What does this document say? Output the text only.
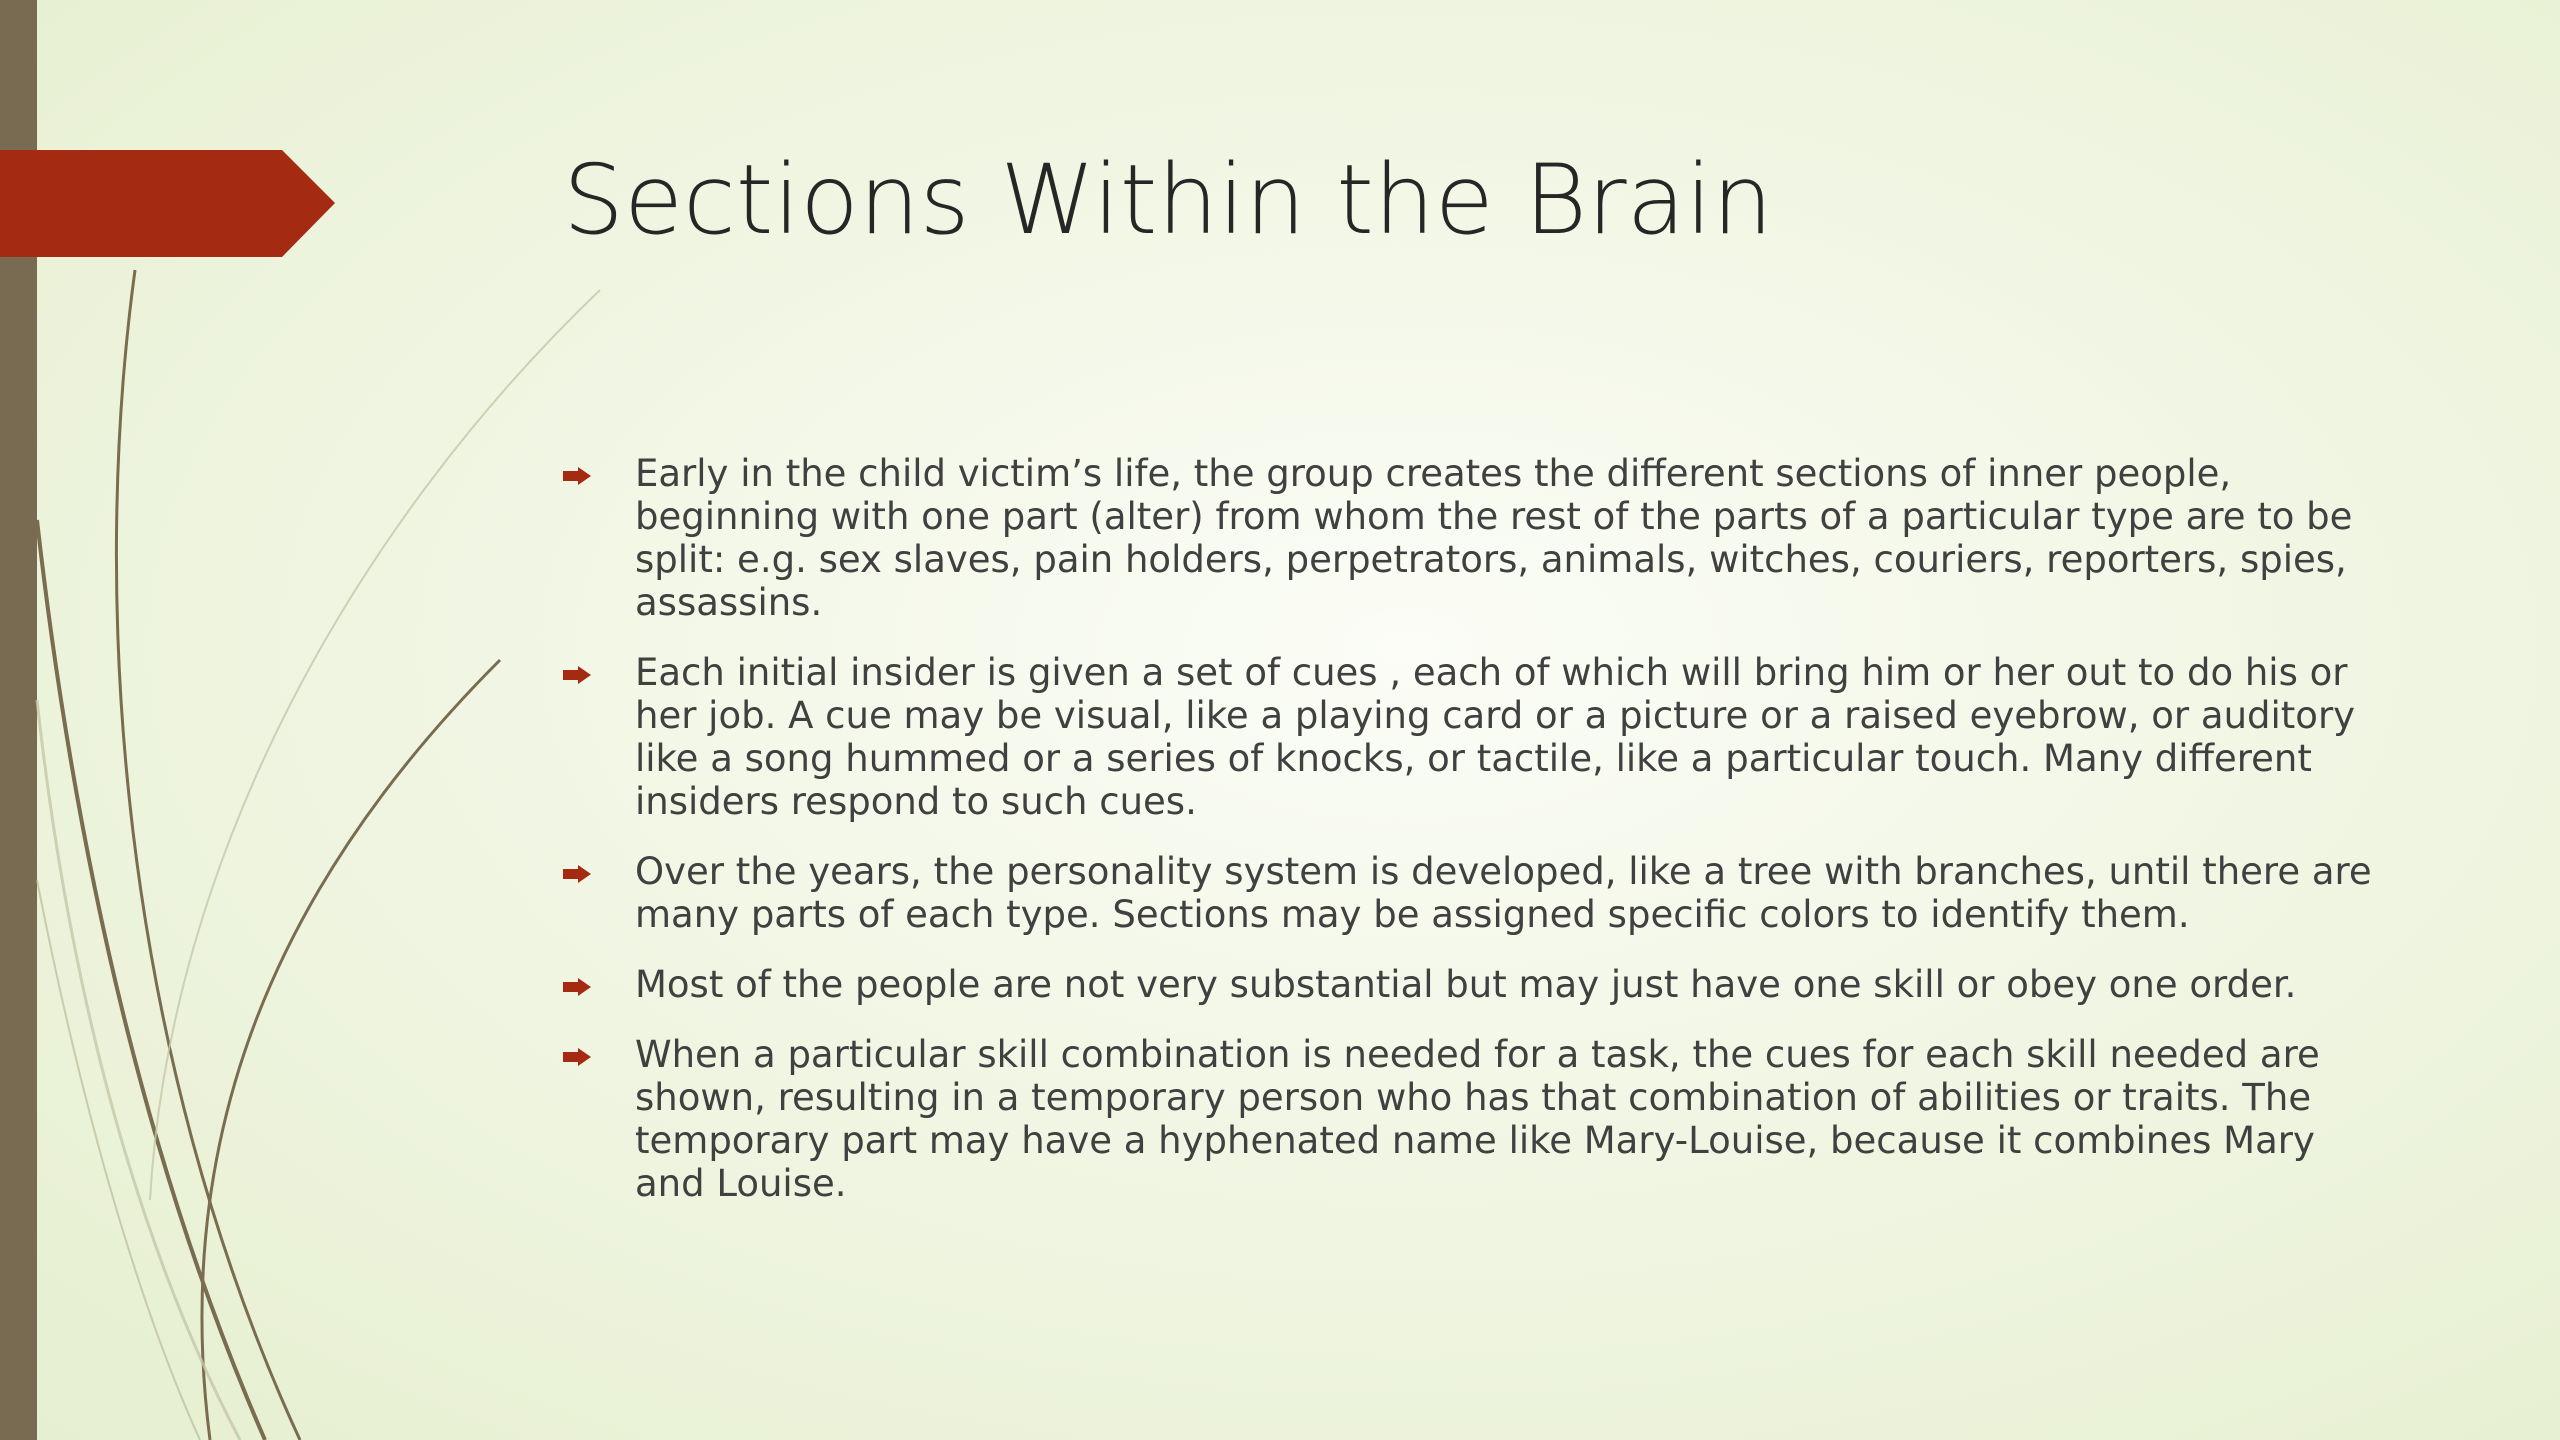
Sections Within the Brain
Early in the child victim’s life, the group creates the different sections of inner people, beginning with one part (alter) from whom the rest of the parts of a particular type are to be split: e.g. sex slaves, pain holders, perpetrators, animals, witches, couriers, reporters, spies, assassins.
Each initial insider is given a set of cues , each of which will bring him or her out to do his or her job. A cue may be visual, like a playing card or a picture or a raised eyebrow, or auditory like a song hummed or a series of knocks, or tactile, like a particular touch. Many different insiders respond to such cues.
Over the years, the personality system is developed, like a tree with branches, until there are many parts of each type. Sections may be assigned specific colors to identify them.
Most of the people are not very substantial but may just have one skill or obey one order.
When a particular skill combination is needed for a task, the cues for each skill needed are shown, resulting in a temporary person who has that combination of abilities or traits. The temporary part may have a hyphenated name like Mary-Louise, because it combines Mary and Louise.
